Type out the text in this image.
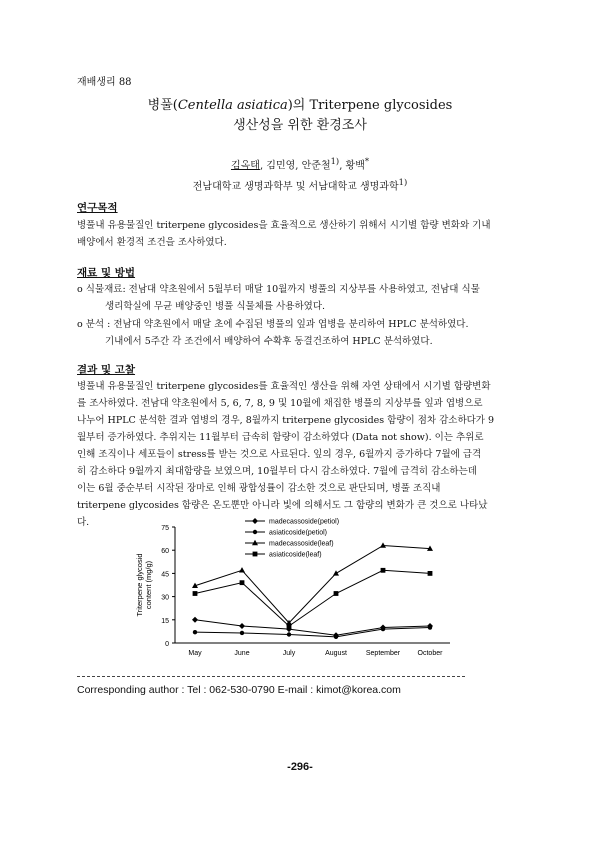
재배생리 88
병풀(Centella asiatica)의 Triterpene glycosides
생산성을 위한 환경조사
김옥태, 김민영, 안준철$^{1)}$, 황백*
전남대학교 생명과학부 및 서남대학교 생명과학$^{1)}$
연구목적
병풀내 유용물질인 triterpene glycosides을 효율적으로 생산하기 위해서 시기별 함량 변화와 기내
배양에서 환경적 조건을 조사하였다.
재료 및 방법
o 식물재료: 전남대 약초원에서 5월부터 매달 10월까지 병풀의 지상부를 사용하였고, 전남대 식물
생리학실에 무균 배양중인 병풀 식물체를 사용하였다.
o 분석 : 전남대 약초원에서 매달 초에 수집된 병풀의 잎과 엽병을 분리하여 HPLC 분석하였다.
기내에서 5주간 각 조건에서 배양하여 수확후 동결건조하여 HPLC 분석하였다.
결과 및 고찰
병풀내 유용물질인 triterpene glycosides를 효율적인 생산을 위해 자연 상태에서 시기별 함량변화
를 조사하였다. 전남대 약초원에서 5, 6, 7, 8, 9 및 10월에 채집한 병풀의 지상부를 잎과 엽병으로
나누어 HPLC 분석한 결과 엽병의 경우, 8월까지 triterpene glycosides 함량이 점차 감소하다가 9
월부터 증가하였다. 추위지는 11월부터 급속히 함량이 감소하였다 (Data not show). 이는 추위로
인해 조직이나 세포들이 stress를 받는 것으로 사료된다. 잎의 경우, 6월까지 증가하다 7월에 급격
히 감소하다 9월까지 최대함량을 보였으며, 10월부터 다시 감소하였다. 7월에 급격히 감소하는데
이는 6월 중순부터 시작된 장마로 인해 광합성률이 감소한 것으로 판단되며, 병풀 조직내
triterpene glycosides 함량은 온도뿐만 아니라 빛에 의해서도 그 함량의 변화가 큰 것으로 나타났
다.
0
15
30
45
60
75
May	June	July	August	September October
Triterpene glycosid content (mg/g)
madecassoside(petiol)
asiaticoside(petiol)
madecassoside(leaf)
asiaticoside(leaf)
Corresponding author : Tel : 062-530-0790 E-mail : kimot@korea.com
-296-
